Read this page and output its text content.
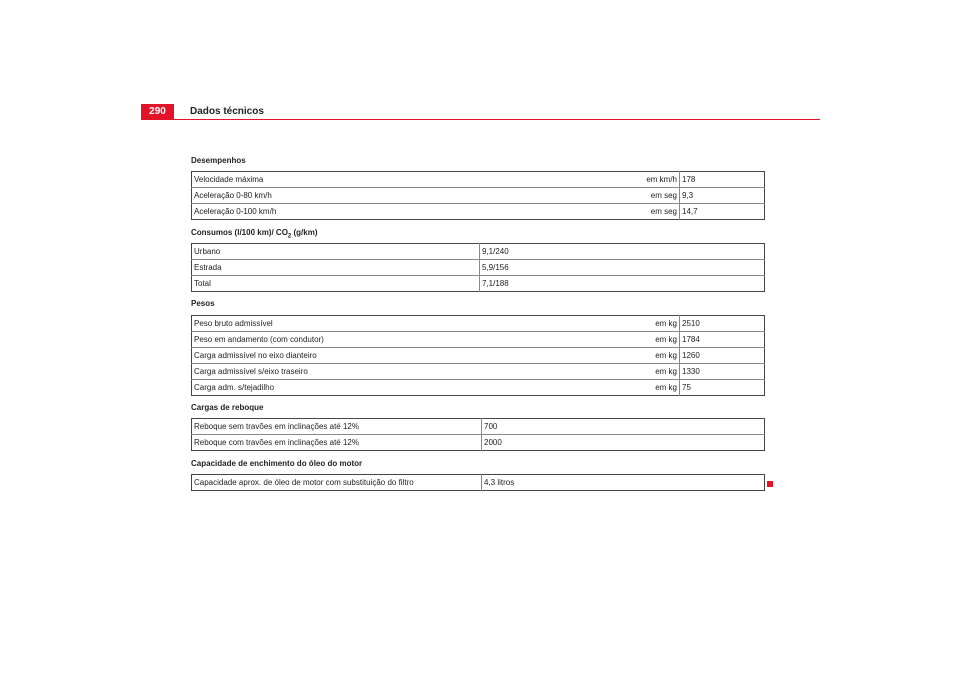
290	Dados técnicos
Desempenhos
Velocidade máxima	em km/h	178
Aceleração 0-80 km/h	em seg	9,3
Aceleração 0-100 km/h	em seg	14,7
Consumos (l/100 km)/ $CO_2$ (g/km)
Urbano	9,1/240
Estrada	5,9/156
Total	7,1/188
Pesos
Peso bruto admissível	em kg	2510
Peso em andamento (com condutor)	em kg	1784
Carga admissível no eixo dianteiro	em kg	1260
Carga admissível s/eixo traseiro	em kg	1330
Carga adm. s/tejadilho	em kg	75
Cargas de reboque
Reboque sem travões em inclinações até 12%	700
Reboque com travões em inclinações até 12%	2000
Capacidade de enchimento do óleo do motor
Capacidade aprox. de óleo de motor com substituição do filtro	4,3 litros
